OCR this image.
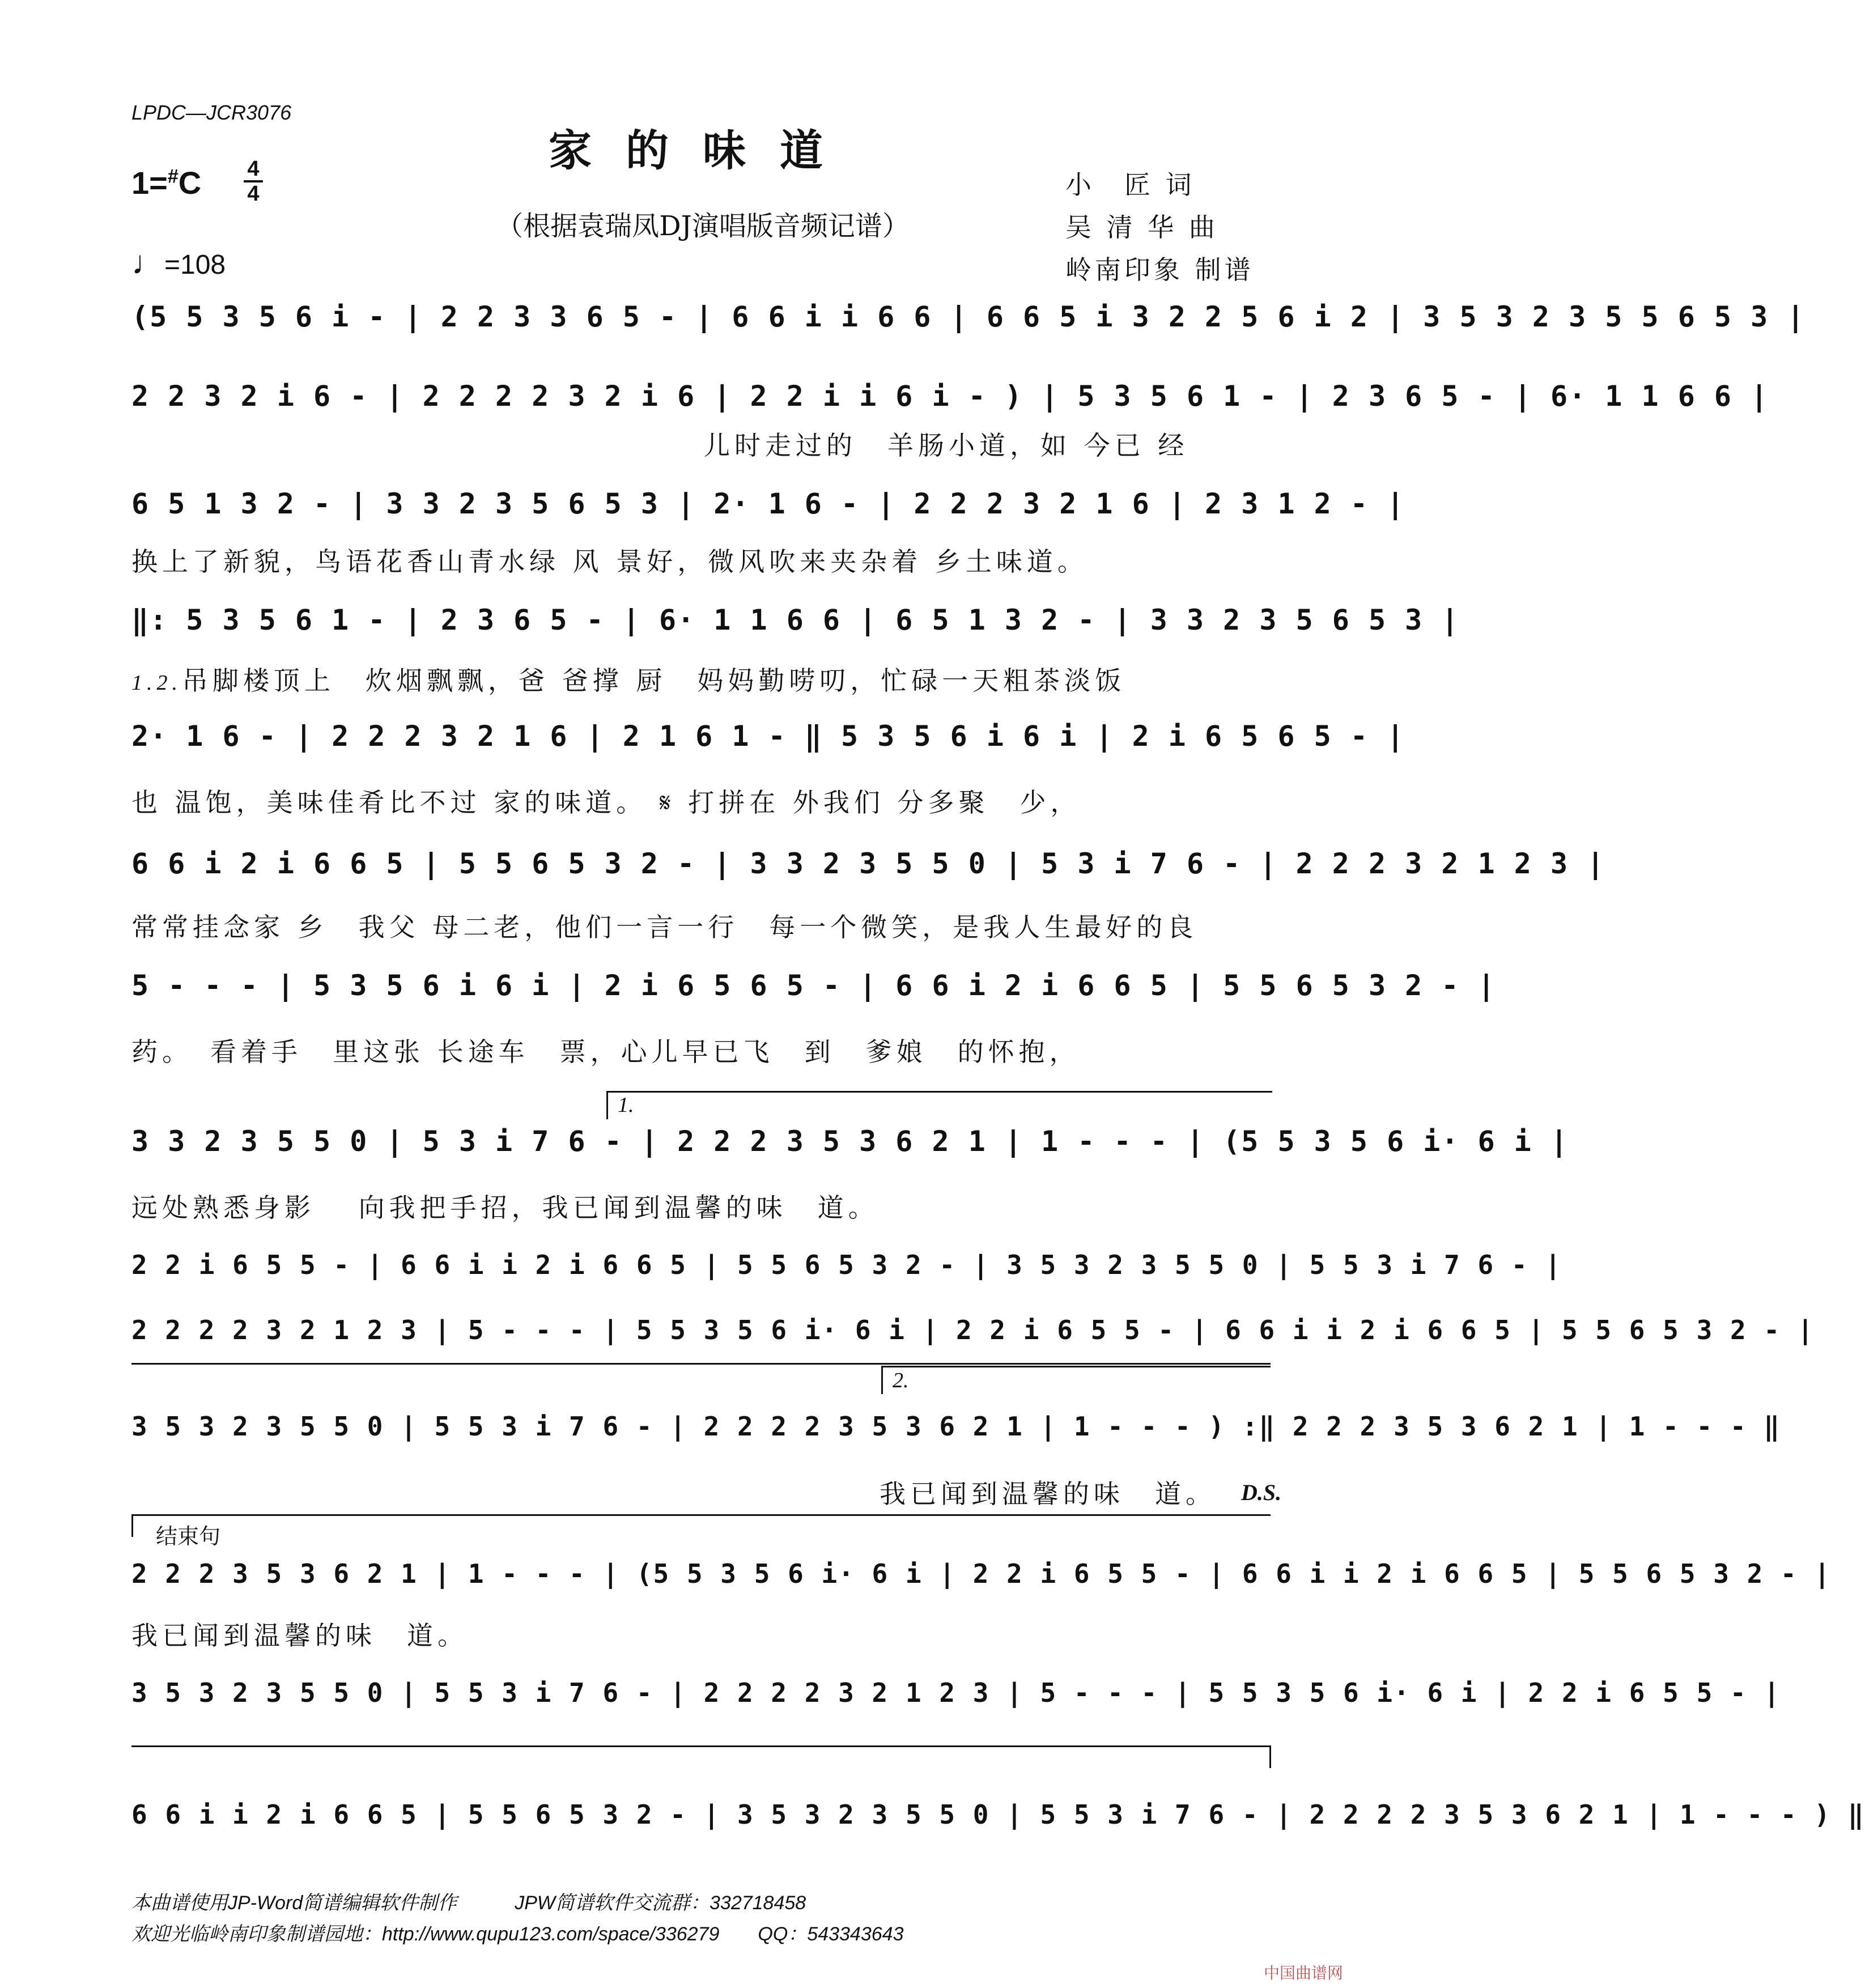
LPDC—JCR3076
家的味道
（根据袁瑞凤DJ演唱版音频记谱）
1=#C 4
4
♩=108
小　匠 词
吴 清 华 曲
岭南印象 制谱
(5 5 3 5 6 i - | 2 2 3 3 6 5 - | 6 6 i i 6 6 | 6 6 5 i 3 2 2 5 6 i 2 | 3 5 3 2 3 5 5 6 5 3 |
2 2 3 2 i 6 - | 2 2 2 2 3 2 i 6 | 2 2 i i 6 i - ) | 5 3 5 6 1 - | 2 3 6 5 - | 6· 1 1 6 6 |
儿时走过的　羊肠小道，如 今已 经
6 5 1 3 2 - | 3 3 2 3 5 6 5 3 | 2· 1 6 - | 2 2 2 3 2 1 6 | 2 3 1 2 - |
换上了新貌，鸟语花香山青水绿 风 景好，微风吹来夹杂着 乡土味道。
‖: 5 3 5 6 1 - | 2 3 6 5 - | 6· 1 1 6 6 | 6 5 1 3 2 - | 3 3 2 3 5 6 5 3 |
1.2.吊脚楼顶上　炊烟飘飘，爸 爸撑 厨　妈妈勤唠叨，忙碌一天粗茶淡饭
2· 1 6 - | 2 2 2 3 2 1 6 | 2 1 6 1 - ‖ 5 3 5 6 i 6 i | 2 i 6 5 6 5 - |
也 温饱，美味佳肴比不过 家的味道。 𝄋 打拼在 外我们 分多聚　少，
6 6 i 2 i 6 6 5 | 5 5 6 5 3 2 - | 3 3 2 3 5 5 0 | 5 3 i 7 6 - | 2 2 2 3 2 1 2 3 |
常常挂念家 乡　我父 母二老，他们一言一行　每一个微笑，是我人生最好的良
5 - - - | 5 3 5 6 i 6 i | 2 i 6 5 6 5 - | 6 6 i 2 i 6 6 5 | 5 5 6 5 3 2 - |
药。　看着手　里这张 长途车　票，心儿早已飞　到　爹娘　的怀抱，
1.
3 3 2 3 5 5 0 | 5 3 i 7 6 - | 2 2 2 3 5 3 6 2 1 | 1 - - - | (5 5 3 5 6 i· 6 i |
远处熟悉身影　 向我把手招，我已闻到温馨的味　道。
2 2 i 6 5 5 - | 6 6 i i 2 i 6 6 5 | 5 5 6 5 3 2 - | 3 5 3 2 3 5 5 0 | 5 5 3 i 7 6 - |
2 2 2 2 3 2 1 2 3 | 5 - - - | 5 5 3 5 6 i· 6 i | 2 2 i 6 5 5 - | 6 6 i i 2 i 6 6 5 | 5 5 6 5 3 2 - |
2.
3 5 3 2 3 5 5 0 | 5 5 3 i 7 6 - | 2 2 2 2 3 5 3 6 2 1 | 1 - - - ) :‖ 2 2 2 3 5 3 6 2 1 | 1 - - - ‖
我已闻到温馨的味　道。	D.S.
结束句
2 2 2 3 5 3 6 2 1 | 1 - - - | (5 5 3 5 6 i· 6 i | 2 2 i 6 5 5 - | 6 6 i i 2 i 6 6 5 | 5 5 6 5 3 2 - |
我已闻到温馨的味　道。
3 5 3 2 3 5 5 0 | 5 5 3 i 7 6 - | 2 2 2 2 3 2 1 2 3 | 5 - - - | 5 5 3 5 6 i· 6 i | 2 2 i 6 5 5 - |
6 6 i i 2 i 6 6 5 | 5 5 6 5 3 2 - | 3 5 3 2 3 5 5 0 | 5 5 3 i 7 6 - | 2 2 2 2 3 5 3 6 2 1 | 1 - - - ) ‖
本曲谱使用JP-Word简谱编辑软件制作　　　JPW简谱软件交流群：332718458
欢迎光临岭南印象制谱园地：http://www.qupu123.com/space/336279　　QQ：543343643
中国曲谱网
